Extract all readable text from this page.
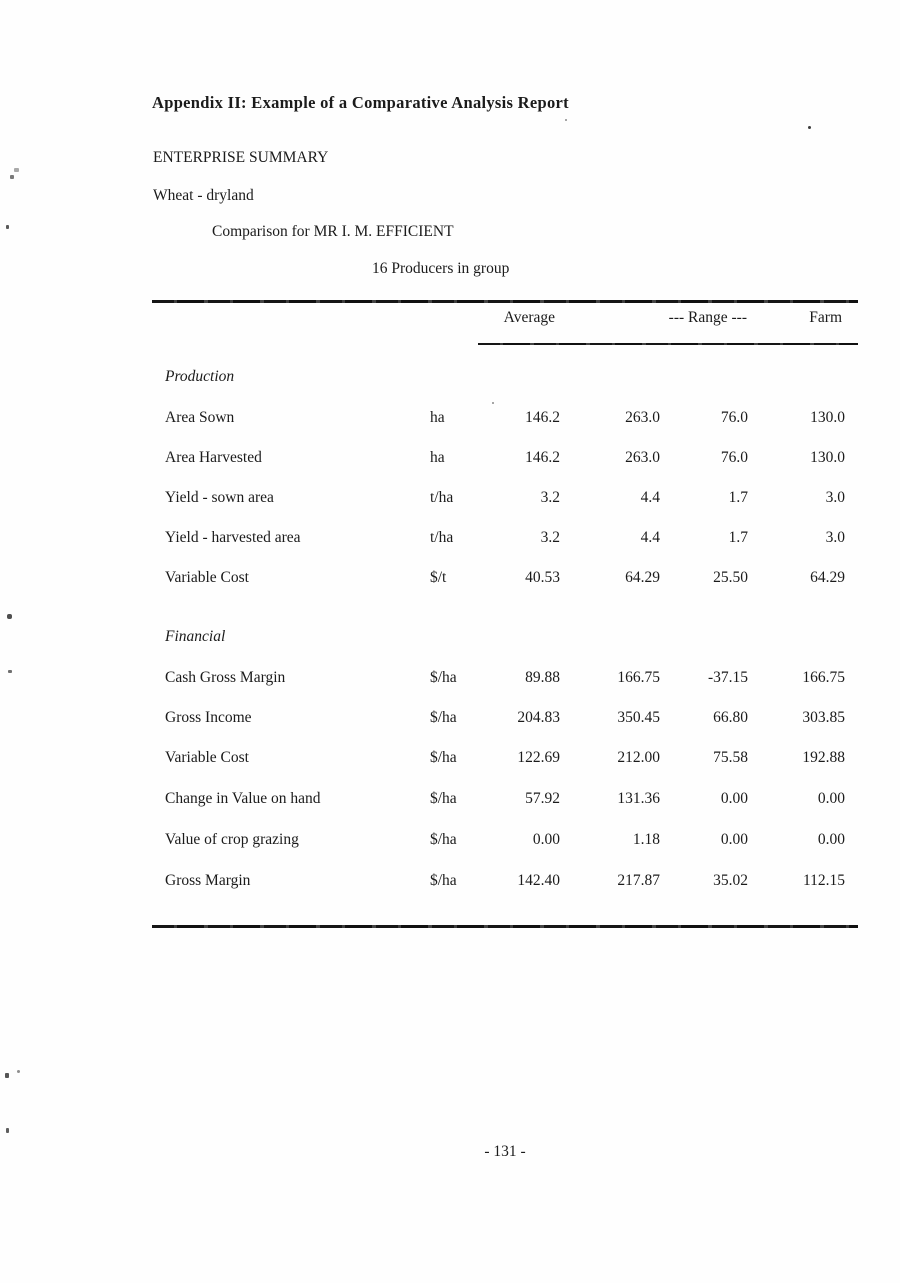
Appendix II: Example of a Comparative Analysis Report
ENTERPRISE SUMMARY
Wheat - dryland
Comparison for MR I. M. EFFICIENT
16 Producers in group
Average	--- Range ---	Farm
Production
Area Sown	ha	146.2	263.0	76.0	130.0
Area Harvested	ha	146.2	263.0	76.0	130.0
Yield - sown area	t/ha	3.2	4.4	1.7	3.0
Yield - harvested area	t/ha	3.2	4.4	1.7	3.0
Variable Cost	$/t	40.53	64.29	25.50	64.29
Financial
Cash Gross Margin	$/ha	89.88	166.75	-37.15	166.75
Gross Income	$/ha	204.83	350.45	66.80	303.85
Variable Cost	$/ha	122.69	212.00	75.58	192.88
Change in Value on hand	$/ha	57.92	131.36	0.00	0.00
Value of crop grazing	$/ha	0.00	1.18	0.00	0.00
Gross Margin	$/ha	142.40	217.87	35.02	112.15
- 131 -
